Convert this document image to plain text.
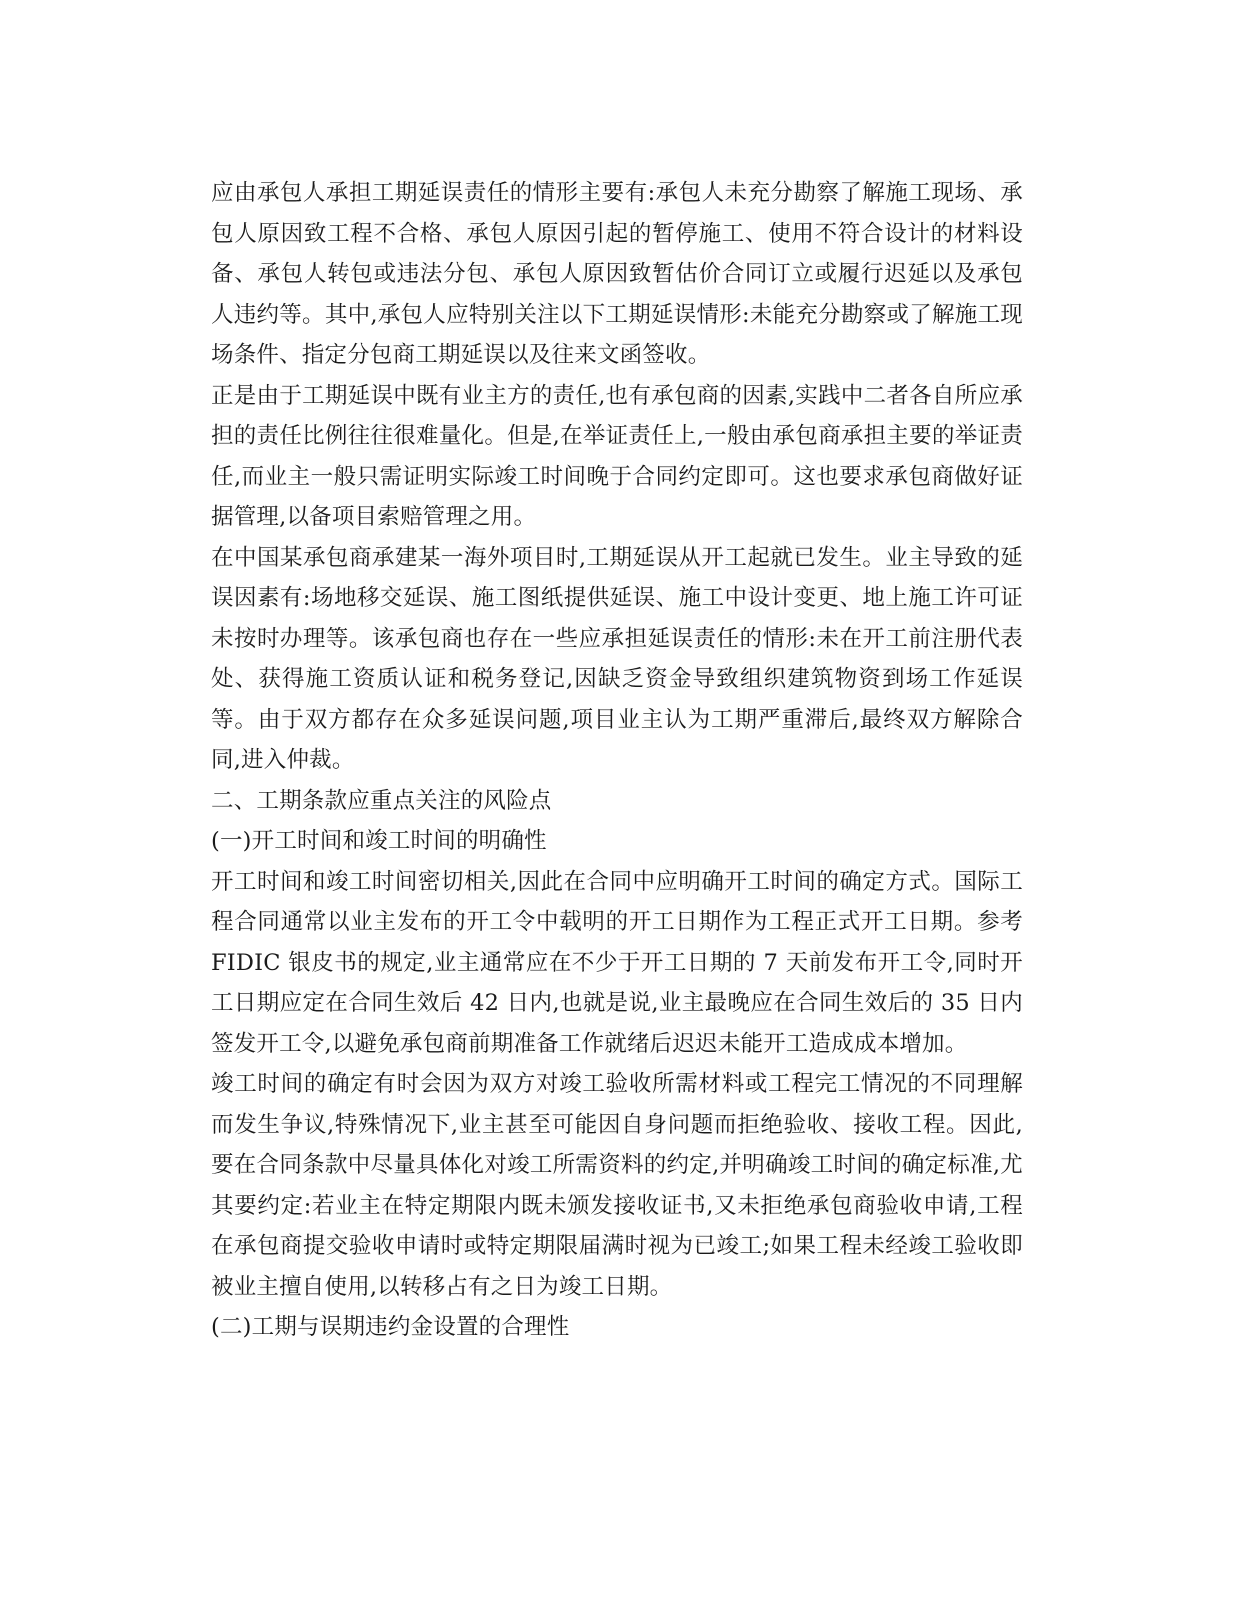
应由承包人承担工期延误责任的情形主要有:承包人未充分勘察了解施工现场、承包人原因致工程不合格、承包人原因引起的暂停施工、使用不符合设计的材料设备、承包人转包或违法分包、承包人原因致暂估价合同订立或履行迟延以及承包人违约等。其中,承包人应特别关注以下工期延误情形:未能充分勘察或了解施工现场条件、指定分包商工期延误以及往来文函签收。

正是由于工期延误中既有业主方的责任,也有承包商的因素,实践中二者各自所应承担的责任比例往往很难量化。但是,在举证责任上,一般由承包商承担主要的举证责任,而业主一般只需证明实际竣工时间晚于合同约定即可。这也要求承包商做好证据管理,以备项目索赔管理之用。

在中国某承包商承建某一海外项目时,工期延误从开工起就已发生。业主导致的延误因素有:场地移交延误、施工图纸提供延误、施工中设计变更、地上施工许可证未按时办理等。该承包商也存在一些应承担延误责任的情形:未在开工前注册代表处、获得施工资质认证和税务登记,因缺乏资金导致组织建筑物资到场工作延误等。由于双方都存在众多延误问题,项目业主认为工期严重滞后,最终双方解除合同,进入仲裁。

二、工期条款应重点关注的风险点

(一)开工时间和竣工时间的明确性

开工时间和竣工时间密切相关,因此在合同中应明确开工时间的确定方式。国际工程合同通常以业主发布的开工令中载明的开工日期作为工程正式开工日期。参考 FIDIC 银皮书的规定,业主通常应在不少于开工日期的 7 天前发布开工令,同时开工日期应定在合同生效后 42 日内,也就是说,业主最晚应在合同生效后的 35 日内签发开工令,以避免承包商前期准备工作就绪后迟迟未能开工造成成本增加。

竣工时间的确定有时会因为双方对竣工验收所需材料或工程完工情况的不同理解而发生争议,特殊情况下,业主甚至可能因自身问题而拒绝验收、接收工程。因此,要在合同条款中尽量具体化对竣工所需资料的约定,并明确竣工时间的确定标准,尤其要约定:若业主在特定期限内既未颁发接收证书,又未拒绝承包商验收申请,工程在承包商提交验收申请时或特定期限届满时视为已竣工;如果工程未经竣工验收即被业主擅自使用,以转移占有之日为竣工日期。

(二)工期与误期违约金设置的合理性
